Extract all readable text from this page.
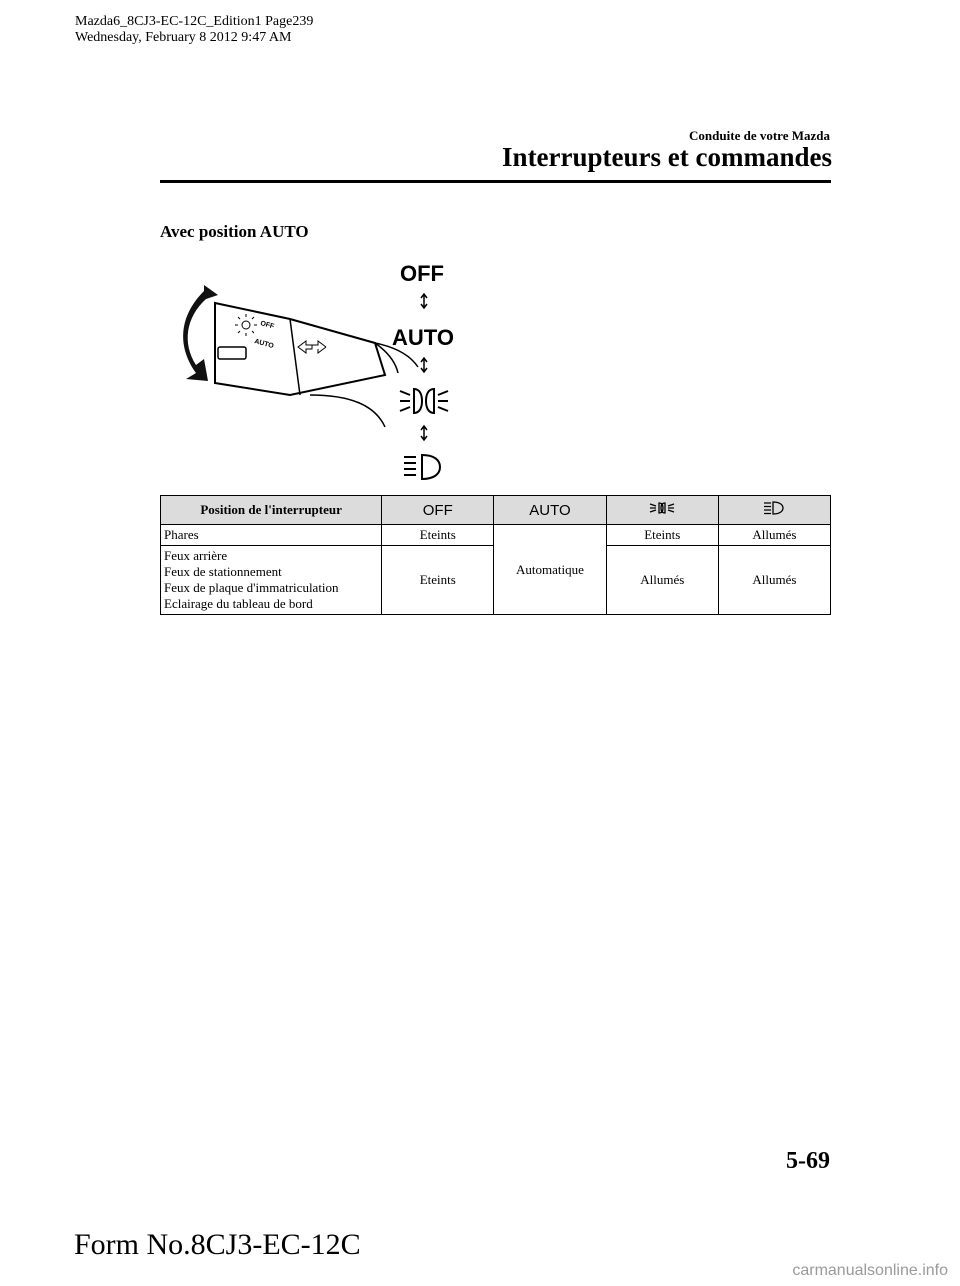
Mazda6_8CJ3-EC-12C_Edition1 Page239
Wednesday, February 8 2012 9:47 AM
Conduite de votre Mazda
Interrupteurs et commandes
Avec position AUTO
OFF
AUTO
OFF
AUTO
Position de l'interrupteur	OFF	AUTO		
Phares	Eteints	Automatique	Eteints	Allumés

Feux arrière
Feux de stationnement
Feux de plaque d'immatriculation
Eclairage du tableau de bord	Eteints		Allumés	Allumés
5-69
Form No.8CJ3-EC-12C
carmanualsonline.info
